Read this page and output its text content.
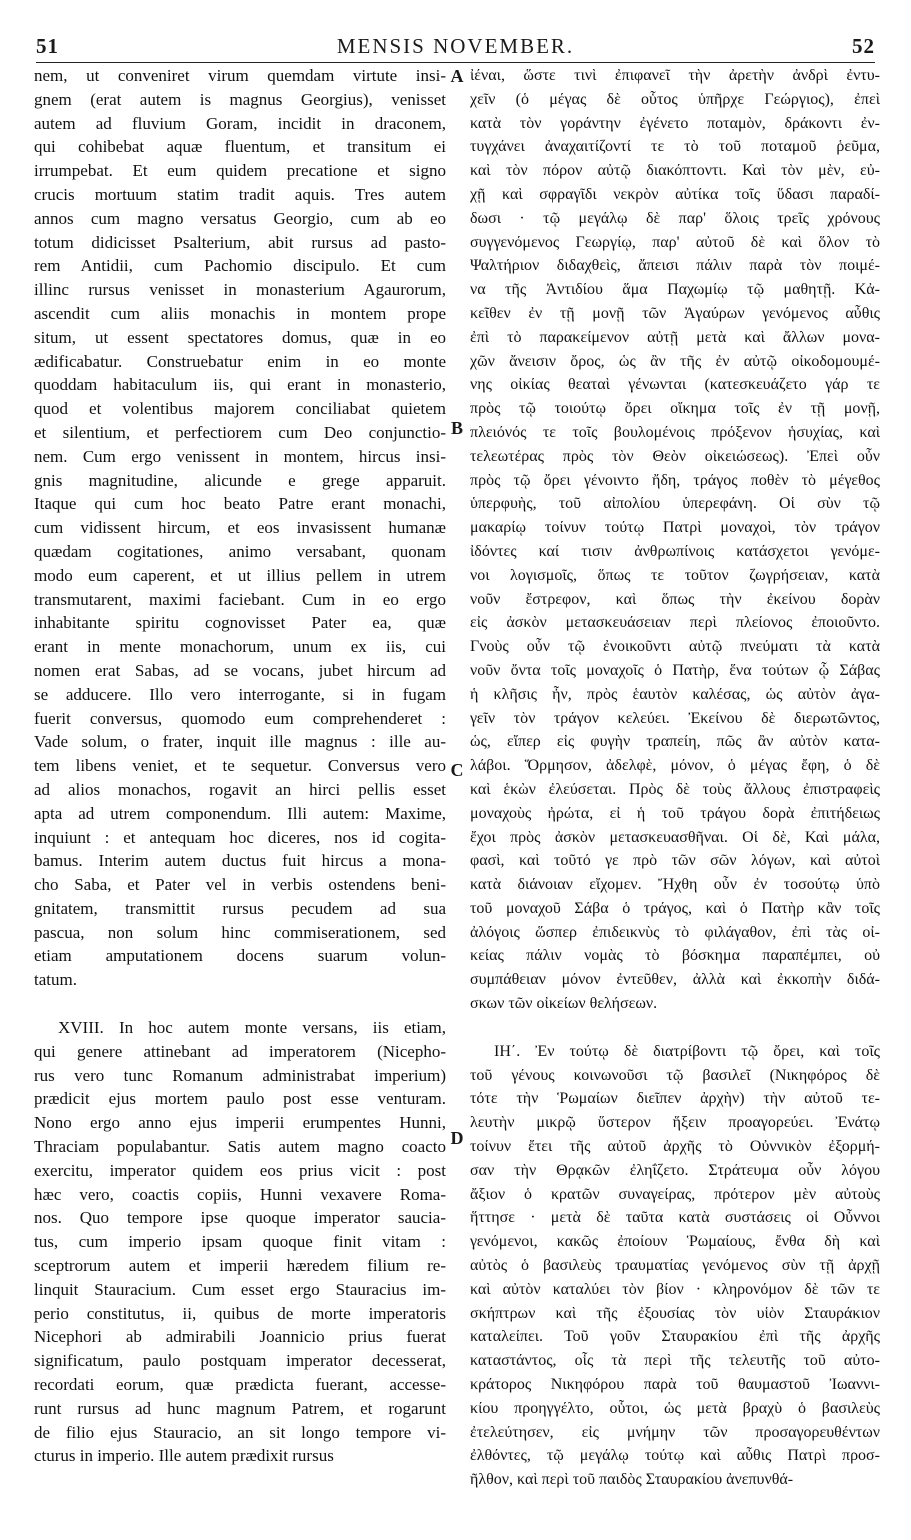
51	MENSIS NOVEMBER.	52
nem, ut conveniret virum quemdam virtute insi-
gnem (erat autem is magnus Georgius), venisset
autem ad fluvium Goram, incidit in draconem,
qui cohibebat aquæ fluentum, et transitum ei
irrumpebat. Et eum quidem precatione et signo
crucis mortuum statim tradit aquis. Tres autem
annos cum magno versatus Georgio, cum ab eo
totum didicisset Psalterium, abit rursus ad pasto-
rem Antidii, cum Pachomio discipulo. Et cum
illinc rursus venisset in monasterium Agaurorum,
ascendit cum aliis monachis in montem prope
situm, ut essent spectatores domus, quæ in eo
ædificabatur. Construebatur enim in eo monte
quoddam habitaculum iis, qui erant in monasterio,
quod et volentibus majorem conciliabat quietem
et silentium, et perfectiorem cum Deo conjunctio-
nem. Cum ergo venissent in montem, hircus insi-
gnis magnitudine, alicunde e grege apparuit.
Itaque qui cum hoc beato Patre erant monachi,
cum vidissent hircum, et eos invasissent humanæ
quædam cogitationes, animo versabant, quonam
modo eum caperent, et ut illius pellem in utrem
transmutarent, maximi faciebant. Cum in eo ergo
inhabitante spiritu cognovisset Pater ea, quæ
erant in mente monachorum, unum ex iis, cui
nomen erat Sabas, ad se vocans, jubet hircum ad
se adducere. Illo vero interrogante, si in fugam
fuerit conversus, quomodo eum comprehenderet :
Vade solum, o frater, inquit ille magnus : ille au-
tem libens veniet, et te sequetur. Conversus vero
ad alios monachos, rogavit an hirci pellis esset
apta ad utrem componendum. Illi autem: Maxime,
inquiunt : et antequam hoc diceres, nos id cogita-
bamus. Interim autem ductus fuit hircus a mona-
cho Saba, et Pater vel in verbis ostendens beni-
gnitatem, transmittit rursus pecudem ad sua
pascua, non solum hinc commiserationem, sed
etiam amputationem docens suarum volun-
tatum.
XVIII. In hoc autem monte versans, iis etiam,
qui genere attinebant ad imperatorem (Nicepho-
rus vero tunc Romanum administrabat imperium)
prædicit ejus mortem paulo post esse venturam.
Nono ergo anno ejus imperii erumpentes Hunni,
Thraciam populabantur. Satis autem magno coacto
exercitu, imperator quidem eos prius vicit : post
hæc vero, coactis copiis, Hunni vexavere Roma-
nos. Quo tempore ipse quoque imperator saucia-
tus, cum imperio ipsam quoque finit vitam :
sceptrorum autem et imperii hæredem filium re-
linquit Stauracium. Cum esset ergo Stauracius im-
perio constitutus, ii, quibus de morte imperatoris
Nicephori ab admirabili Joannicio prius fuerat
significatum, paulo postquam imperator decesserat,
recordati eorum, quæ prædicta fuerant, accesse-
runt rursus ad hunc magnum Patrem, et rogarunt
de filio ejus Stauracio, an sit longo tempore vi-
cturus in imperio. Ille autem prædixit rursus
ἰέναι, ὥστε τινὶ ἐπιφανεῖ τὴν ἀρετὴν ἀνδρὶ ἐντυ-
χεῖν (ὁ μέγας δὲ οὗτος ὑπῆρχε Γεώργιος), ἐπεὶ
κατὰ τὸν γοράντην ἐγένετο ποταμὸν, δράκοντι ἐν-
τυγχάνει ἀναχαιτίζοντί τε τὸ τοῦ ποταμοῦ ῥεῦμα,
καὶ τὸν πόρον αὐτῷ διακόπτοντι. Καὶ τὸν μὲν, εὐ-
χῇ καὶ σφραγῖδι νεκρὸν αὐτίκα τοῖς ὕδασι παραδί-
δωσι · τῷ μεγάλῳ δὲ παρ' ὅλοις τρεῖς χρόνους
συγγενόμενος Γεωργίῳ, παρ' αὐτοῦ δὲ καὶ ὅλον τὸ
Ψαλτήριον διδαχθεὶς, ἄπεισι πάλιν παρὰ τὸν ποιμέ-
να τῆς Ἀντιδίου ἅμα Παχωμίῳ τῷ μαθητῇ. Κἀ-
κεῖθεν ἐν τῇ μονῇ τῶν Ἀγαύρων γενόμενος αὖθις
ἐπὶ τὸ παρακείμενον αὐτῇ μετὰ καὶ ἄλλων μονα-
χῶν ἄνεισιν ὄρος, ὡς ἂν τῆς ἐν αὐτῷ οἰκοδομουμέ-
νης οἰκίας θεαταὶ γένωνται (κατεσκευάζετο γάρ τε
πρὸς τῷ τοιούτῳ ὄρει οἴκημα τοῖς ἐν τῇ μονῇ,
πλειόνός τε τοῖς βουλομένοις πρόξενον ἡσυχίας, καὶ
τελεωτέρας πρὸς τὸν Θεὸν οἰκειώσεως). Ἐπεὶ οὖν
πρὸς τῷ ὄρει γένοιντο ἤδη, τράγος ποθὲν τὸ μέγεθος
ὑπερφυὴς, τοῦ αἰπολίου ὑπερεφάνη. Οἱ σὺν τῷ
μακαρίῳ τοίνυν τούτῳ Πατρὶ μοναχοὶ, τὸν τράγον
ἰδόντες καί τισιν ἀνθρωπίνοις κατάσχετοι γενόμε-
νοι λογισμοῖς, ὅπως τε τοῦτον ζωγρήσειαν, κατὰ
νοῦν ἔστρεφον, καὶ ὅπως τὴν ἐκείνου δορὰν
εἰς ἀσκὸν μετασκευάσειαν περὶ πλείονος ἐποιοῦντο.
Γνοὺς οὖν τῷ ἐνοικοῦντι αὐτῷ πνεύματι τὰ κατὰ
νοῦν ὄντα τοῖς μοναχοῖς ὁ Πατὴρ, ἕνα τούτων ᾧ Σάβας
ἡ κλῆσις ἦν, πρὸς ἑαυτὸν καλέσας, ὡς αὐτὸν ἀγα-
γεῖν τὸν τράγον κελεύει. Ἐκείνου δὲ διερωτῶντος,
ὡς, εἴπερ εἰς φυγὴν τραπείη, πῶς ἂν αὐτὸν κατα-
λάβοι. Ὅρμησον, ἀδελφὲ, μόνον, ὁ μέγας ἔφη, ὁ δὲ
καὶ ἑκὼν ἐλεύσεται. Πρὸς δὲ τοὺς ἄλλους ἐπιστραφεὶς
μοναχοὺς ἠρώτα, εἰ ἡ τοῦ τράγου δορὰ ἐπιτήδειως
ἔχοι πρὸς ἀσκὸν μετασκευασθῆναι. Οἱ δὲ, Καὶ μάλα,
φασὶ, καὶ τοῦτό γε πρὸ τῶν σῶν λόγων, καὶ αὐτοὶ
κατὰ διάνοιαν εἴχομεν. Ἤχθη οὖν ἐν τοσούτῳ ὑπὸ
τοῦ μοναχοῦ Σάβα ὁ τράγος, καὶ ὁ Πατὴρ κἂν τοῖς
ἀλόγοις ὥσπερ ἐπιδεικνὺς τὸ φιλάγαθον, ἐπὶ τὰς οἰ-
κείας πάλιν νομὰς τὸ βόσκημα παραπέμπει, οὐ
συμπάθειαν μόνον ἐντεῦθεν, ἀλλὰ καὶ ἐκκοπὴν διδά-
σκων τῶν οἰκείων θελήσεων.
ΙΗ΄. Ἐν τούτῳ δὲ διατρίβοντι τῷ ὄρει, καὶ τοῖς
τοῦ γένους κοινωνοῦσι τῷ βασιλεῖ (Νικηφόρος δὲ
τότε τὴν Ῥωμαίων διεῖπεν ἀρχὴν) τὴν αὐτοῦ τε-
λευτὴν μικρῷ ὕστερον ἥξειν προαγορεύει. Ἐνάτῳ
τοίνυν ἔτει τῆς αὐτοῦ ἀρχῆς τὸ Οὐννικὸν ἐξορμή-
σαν τὴν Θρᾳκῶν ἐληΐζετο. Στράτευμα οὖν λόγου
ἄξιον ὁ κρατῶν συναγείρας, πρότερον μὲν αὐτοὺς
ἥττησε · μετὰ δὲ ταῦτα κατὰ συστάσεις οἱ Οὖννοι
γενόμενοι, κακῶς ἐποίουν Ῥωμαίους, ἔνθα δὴ καὶ
αὐτὸς ὁ βασιλεὺς τραυματίας γενόμενος σὺν τῇ ἀρχῇ
καὶ αὐτὸν καταλύει τὸν βίον · κληρονόμον δὲ τῶν τε
σκήπτρων καὶ τῆς ἐξουσίας τὸν υἱὸν Σταυράκιον
καταλείπει. Τοῦ γοῦν Σταυρακίου ἐπὶ τῆς ἀρχῆς
καταστάντος, οἷς τὰ περὶ τῆς τελευτῆς τοῦ αὐτο-
κράτορος Νικηφόρου παρὰ τοῦ θαυμαστοῦ Ἰωαννι-
κίου προηγγέλτο, οὗτοι, ὡς μετὰ βραχὺ ὁ βασιλεὺς
ἐτελεύτησεν, εἰς μνήμην τῶν προσαγορευθέντων
ἐλθόντες, τῷ μεγάλῳ τούτῳ καὶ αὖθις Πατρὶ προσ-
ῆλθον, καὶ περὶ τοῦ παιδὸς Σταυρακίου ἀνεπυνθά-
A
B
C
D
